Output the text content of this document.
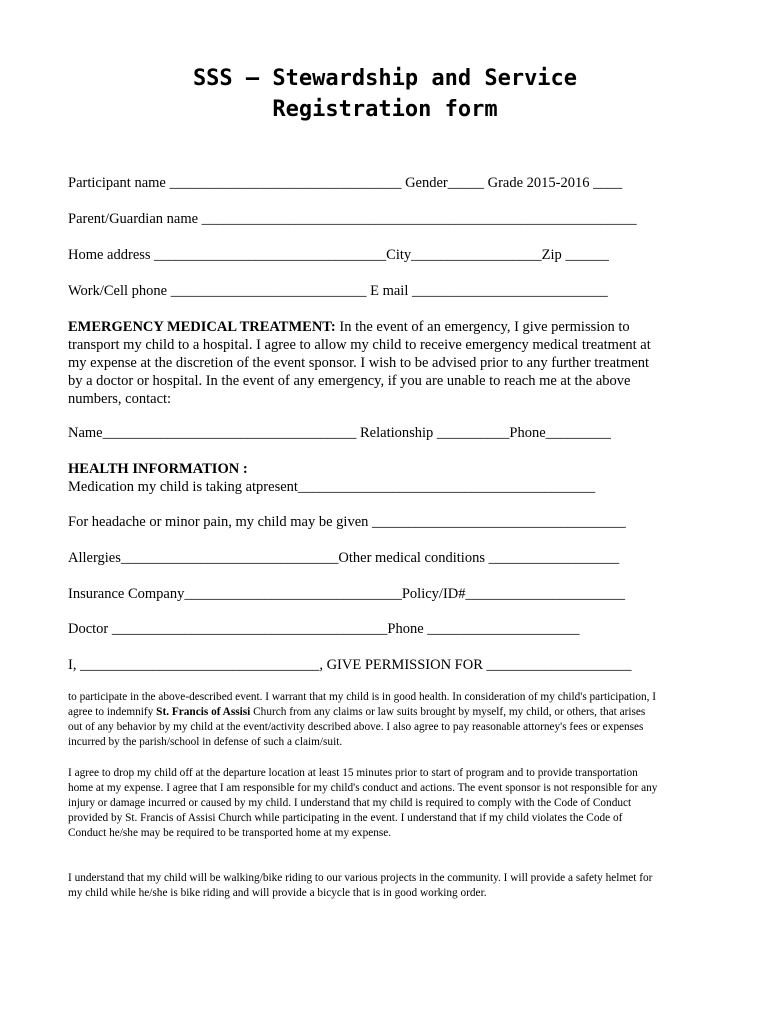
SSS – Stewardship and Service
Registration form
Participant name ________________________________ Gender_____ Grade 2015-2016 ____
Parent/Guardian name ____________________________________________________________
Home address ________________________________City__________________Zip ______
Work/Cell phone ___________________________ E mail ___________________________
EMERGENCY MEDICAL TREATMENT: In the event of an emergency, I give permission to transport my child to a hospital. I agree to allow my child to receive emergency medical treatment at my expense at the discretion of the event sponsor. I wish to be advised prior to any further treatment by a doctor or hospital. In the event of any emergency, if you are unable to reach me at the above numbers, contact:
Name___________________________________ Relationship __________Phone_________
HEALTH INFORMATION :
Medication my child is taking atpresent_________________________________________
For headache or minor pain, my child may be given ___________________________________
Allergies______________________________Other medical conditions __________________
Insurance Company______________________________Policy/ID#______________________
Doctor ______________________________________Phone _____________________
I, _________________________________, GIVE PERMISSION FOR ____________________
to participate in the above-described event. I warrant that my child is in good health. In consideration of my child's participation, I agree to indemnify St. Francis of Assisi Church from any claims or law suits brought by myself, my child, or others, that arises out of any behavior by my child at the event/activity described above. I also agree to pay reasonable attorney's fees or expenses incurred by the parish/school in defense of such a claim/suit.
I agree to drop my child off at the departure location at least 15 minutes prior to start of program and to provide transportation home at my expense. I agree that I am responsible for my child's conduct and actions. The event sponsor is not responsible for any injury or damage incurred or caused by my child. I understand that my child is required to comply with the Code of Conduct provided by St. Francis of Assisi Church while participating in the event. I understand that if my child violates the Code of Conduct he/she may be required to be transported home at my expense.
I understand that my child will be walking/bike riding to our various projects in the community. I will provide a safety helmet for my child while he/she is bike riding and will provide a bicycle that is in good working order.
